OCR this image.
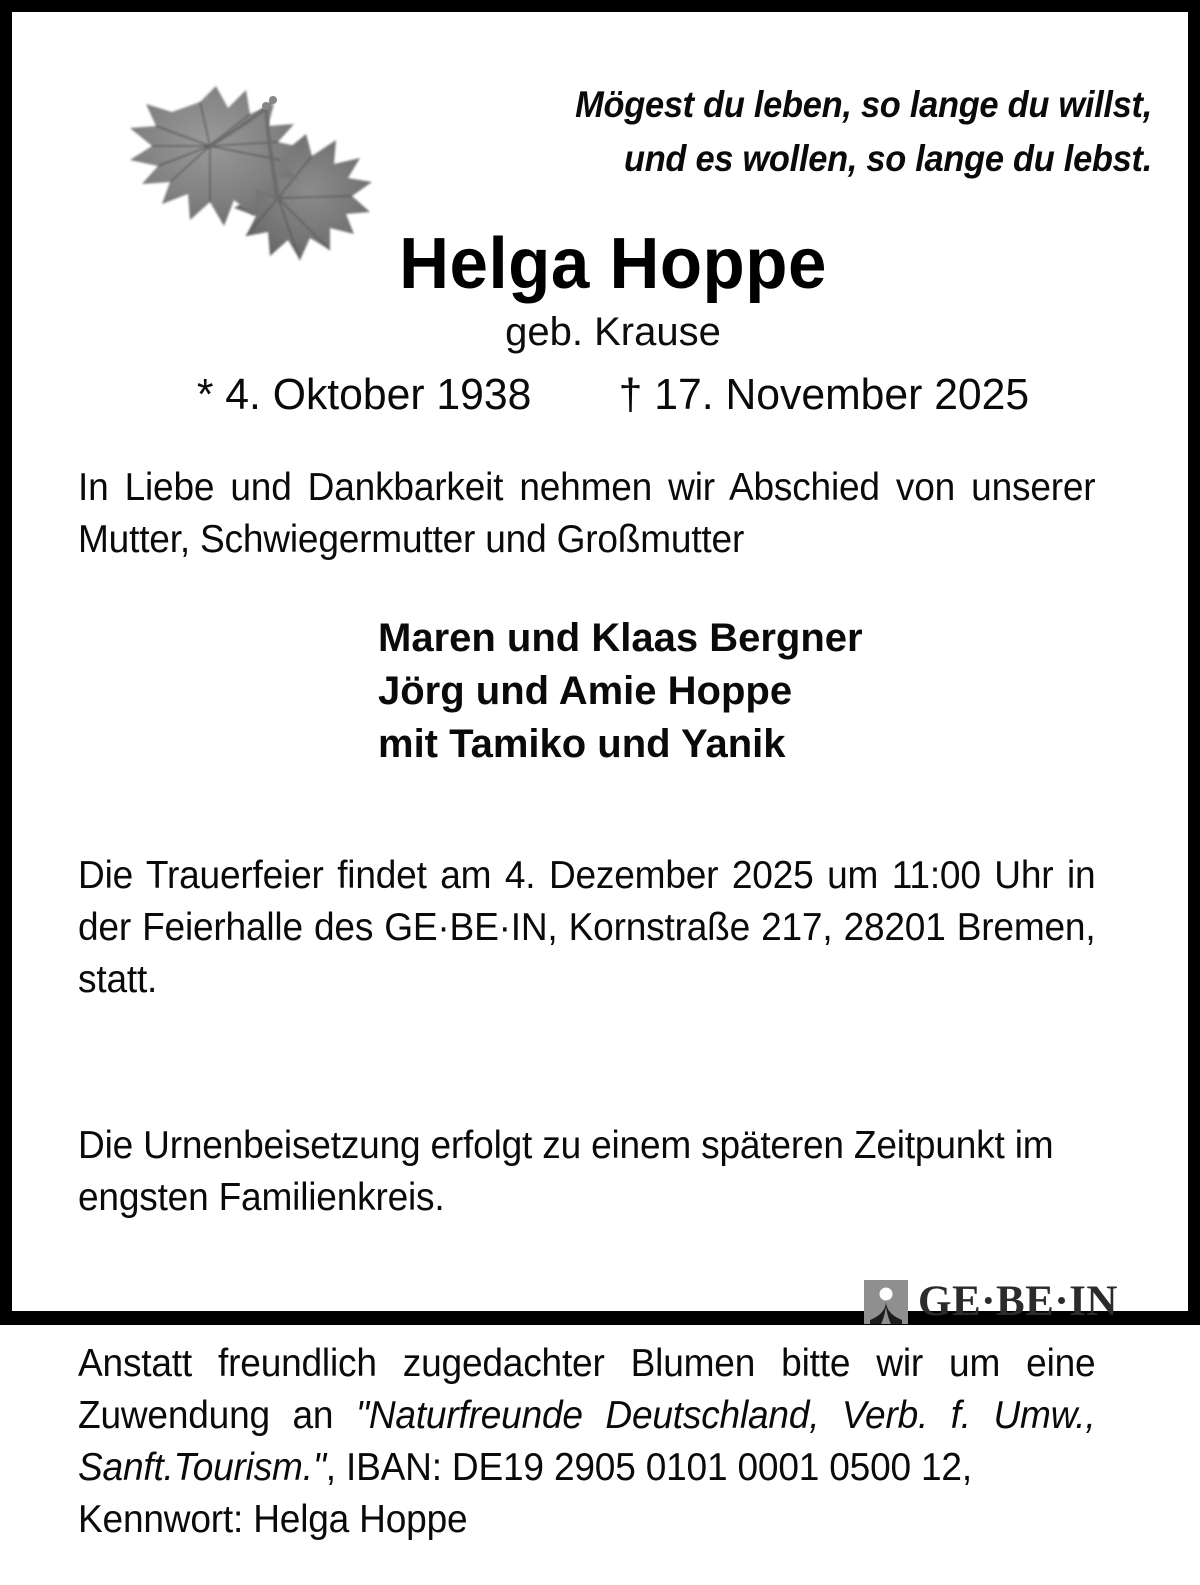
Mögest du leben, so lange du willst,
und es wollen, so lange du lebst.
Helga Hoppe
geb. Krause
* 4. Oktober 1938 † 17. November 2025

In Liebe und Dankbarkeit nehmen wir Abschied von unserer Mutter, Schwiegermutter und Großmutter

Maren und Klaas Bergner
Jörg und Amie Hoppe
mit Tamiko und Yanik

Die Trauerfeier findet am 4. Dezember 2025 um 11:00 Uhr in der Feierhalle des GE·BE·IN, Kornstraße 217, 28201 Bremen, statt.

Die Urnenbeisetzung erfolgt zu einem späteren Zeitpunkt im engsten Familienkreis.

Anstatt freundlich zugedachter Blumen bitte wir um eine Zuwendung an "Naturfreunde Deutschland, Verb. f. Umw., Sanft.Tourism.", IBAN: DE19 2905 0101 0001 0500 12,
Kennwort: Helga Hoppe

GE·BE·IN
